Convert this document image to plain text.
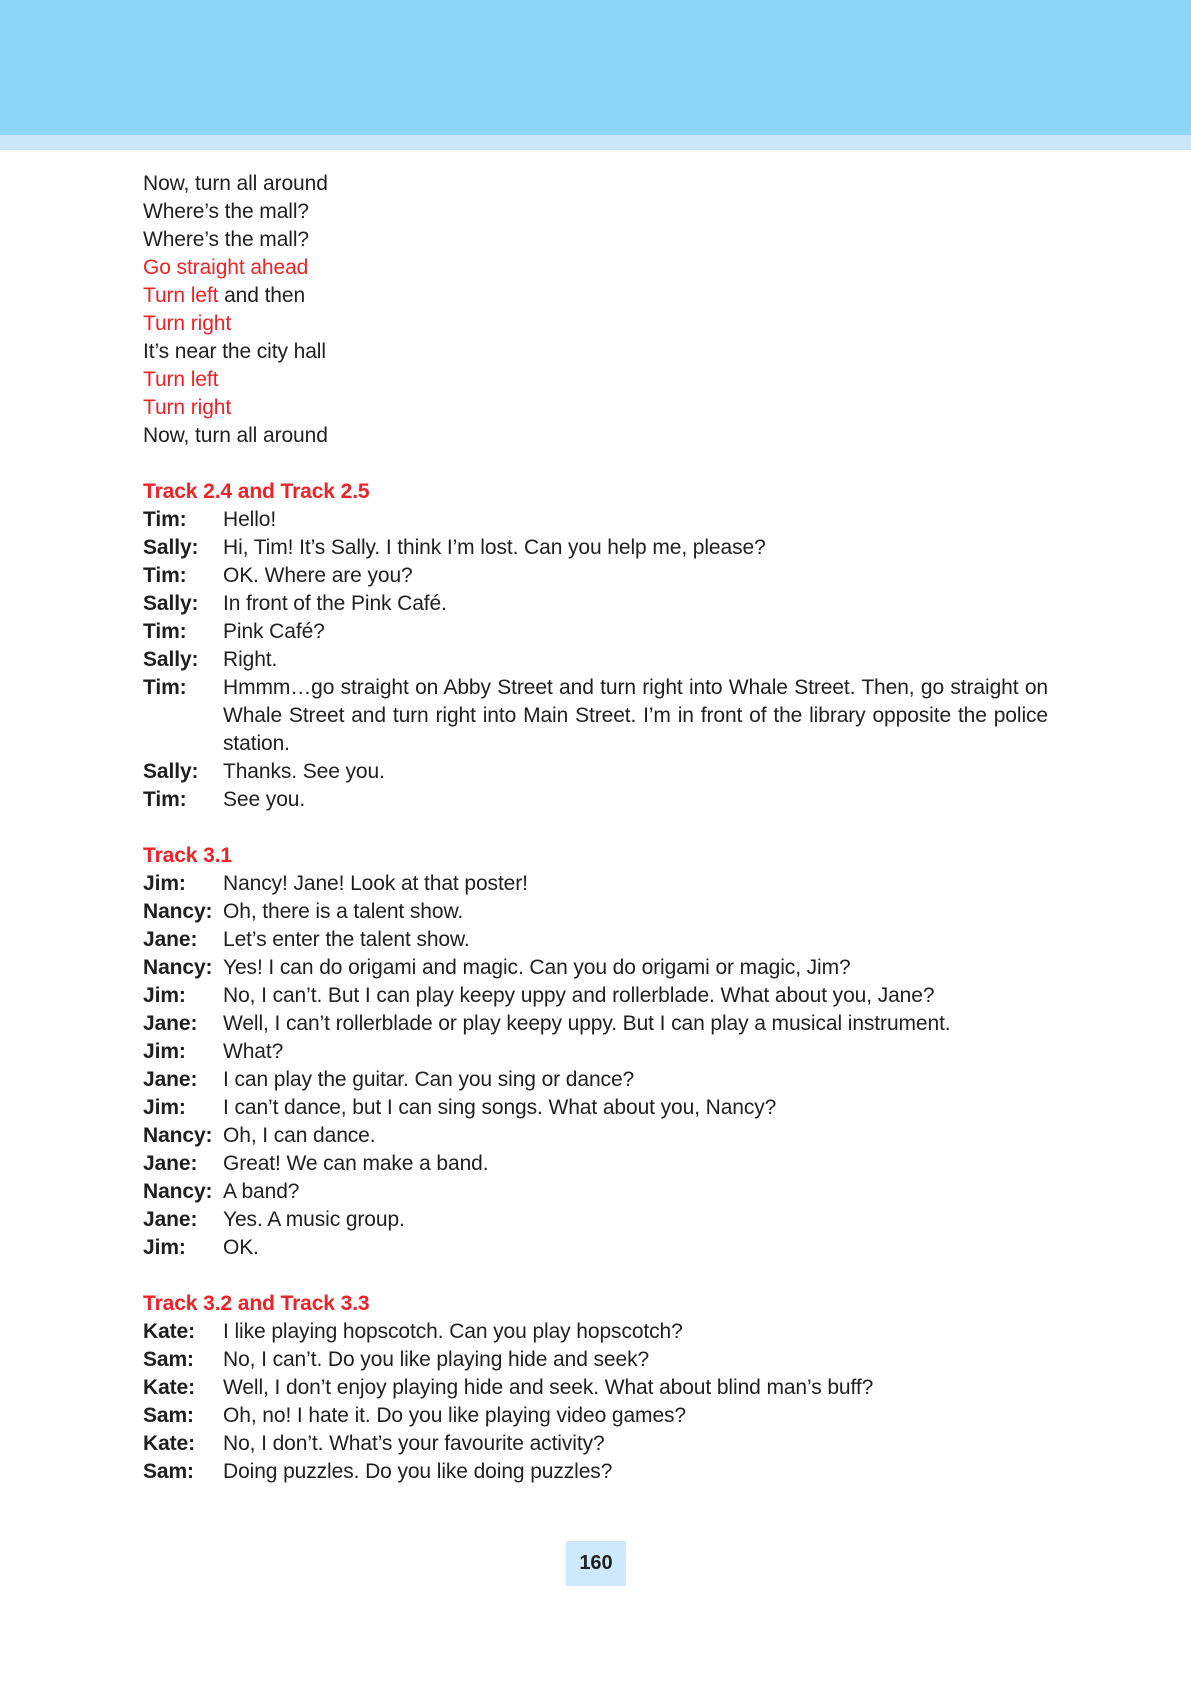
Now, turn all around
Where’s the mall?
Where’s the mall?
Go straight ahead
Turn left and then
Turn right
It’s near the city hall
Turn left
Turn right
Now, turn all around
Track 2.4 and Track 2.5
Tim: Hello!
Sally: Hi, Tim! It’s Sally. I think I’m lost. Can you help me, please?
Tim: OK. Where are you?
Sally: In front of the Pink Café.
Tim: Pink Café?
Sally: Right.
Tim: Hmmm…go straight on Abby Street and turn right into Whale Street. Then, go straight on Whale Street and turn right into Main Street. I’m in front of the library opposite the police station.
Sally: Thanks. See you.
Tim: See you.
Track 3.1
Jim: Nancy! Jane! Look at that poster!
Nancy: Oh, there is a talent show.
Jane: Let’s enter the talent show.
Nancy: Yes! I can do origami and magic. Can you do origami or magic, Jim?
Jim: No, I can’t. But I can play keepy uppy and rollerblade. What about you, Jane?
Jane: Well, I can’t rollerblade or play keepy uppy. But I can play a musical instrument.
Jim: What?
Jane: I can play the guitar. Can you sing or dance?
Jim: I can’t dance, but I can sing songs. What about you, Nancy?
Nancy: Oh, I can dance.
Jane: Great! We can make a band.
Nancy: A band?
Jane: Yes. A music group.
Jim: OK.
Track 3.2 and Track 3.3
Kate: I like playing hopscotch. Can you play hopscotch?
Sam: No, I can’t. Do you like playing hide and seek?
Kate: Well, I don’t enjoy playing hide and seek. What about blind man’s buff?
Sam: Oh, no! I hate it. Do you like playing video games?
Kate: No, I don’t. What’s your favourite activity?
Sam: Doing puzzles. Do you like doing puzzles?
160
